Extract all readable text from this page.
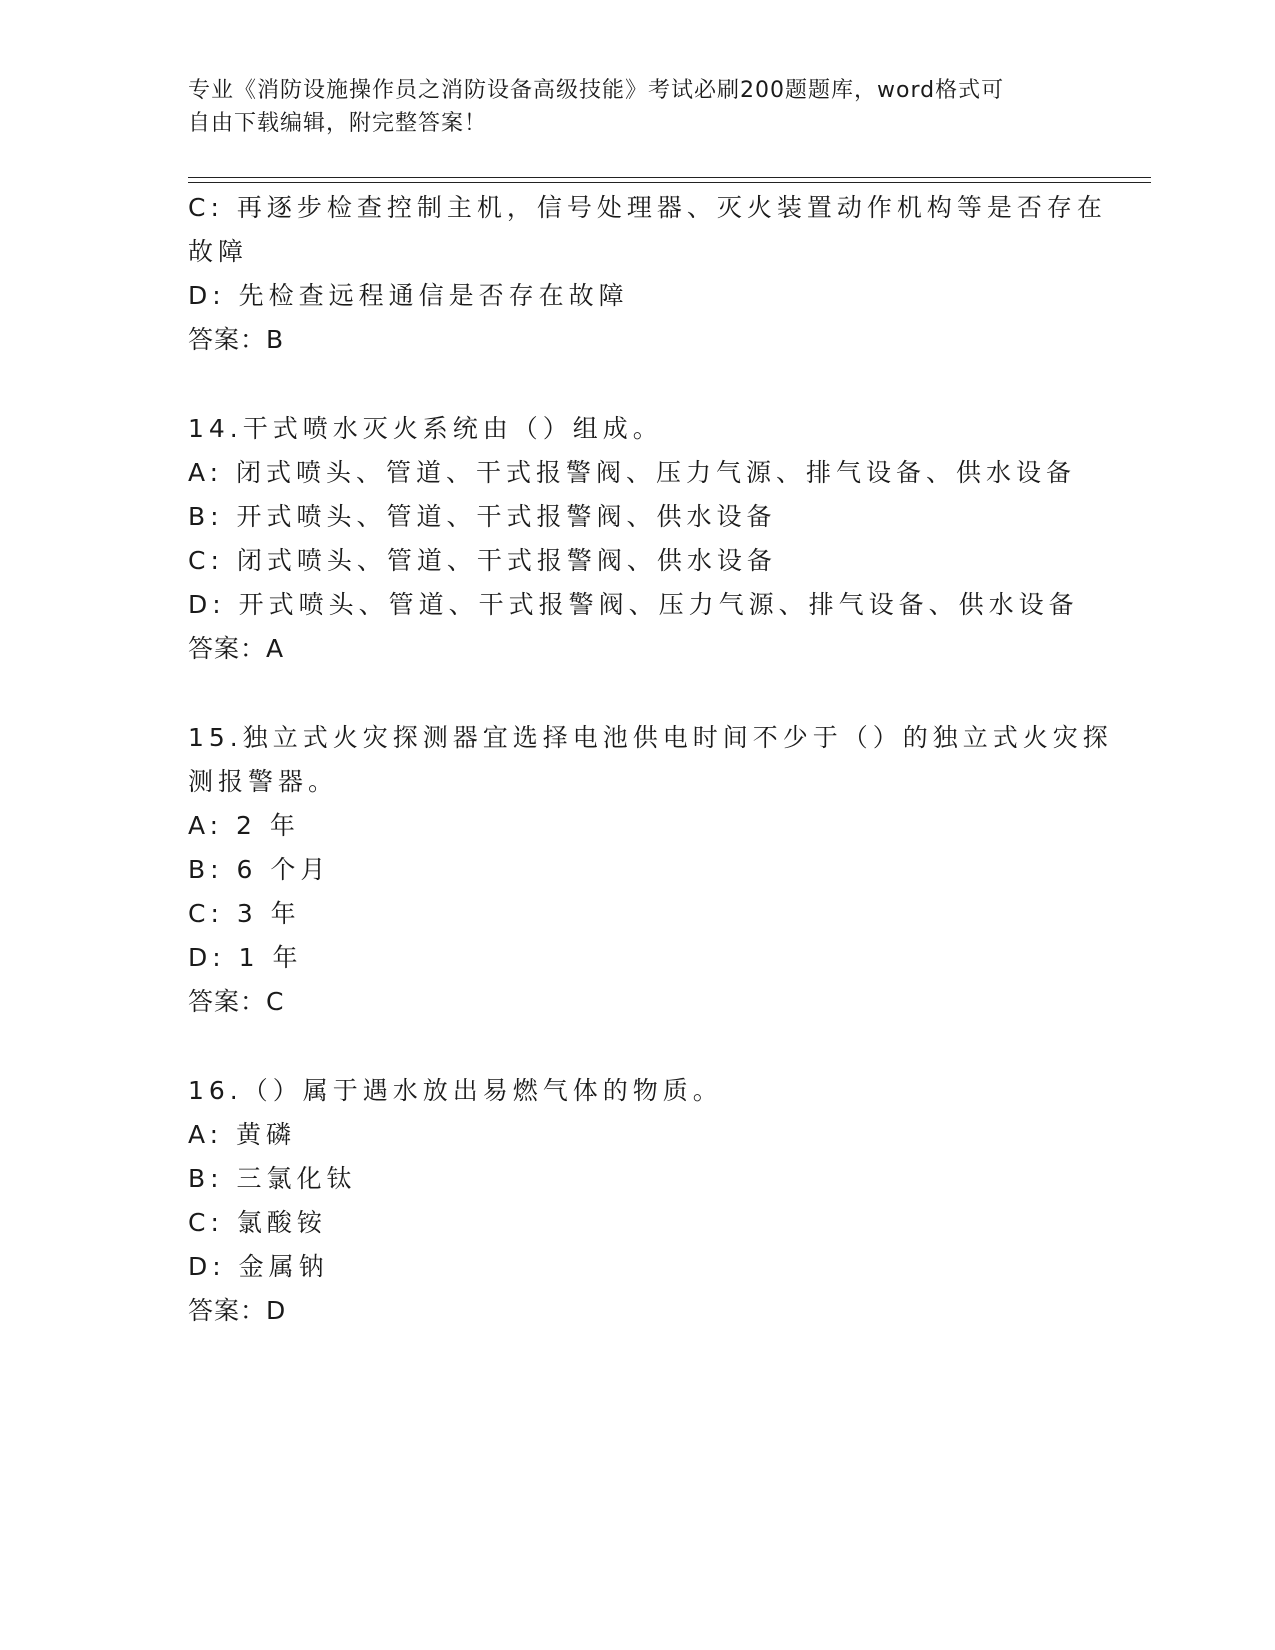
专业《消防设施操作员之消防设备高级技能》考试必刷200题题库，word格式可
自由下载编辑，附完整答案！
C: 再逐步检查控制主机，信号处理器、灭火装置动作机构等是否存在
故障
D: 先检查远程通信是否存在故障
答案：B
14.干式喷水灭火系统由（）组成。
A: 闭式喷头、管道、干式报警阀、压力气源、排气设备、供水设备
B: 开式喷头、管道、干式报警阀、供水设备
C: 闭式喷头、管道、干式报警阀、供水设备
D: 开式喷头、管道、干式报警阀、压力气源、排气设备、供水设备
答案：A
15.独立式火灾探测器宜选择电池供电时间不少于（）的独立式火灾探
测报警器。
A: 2 年
B: 6 个月
C: 3 年
D: 1 年
答案：C
16.（）属于遇水放出易燃气体的物质。
A: 黄磷
B: 三氯化钛
C: 氯酸铵
D: 金属钠
答案：D
